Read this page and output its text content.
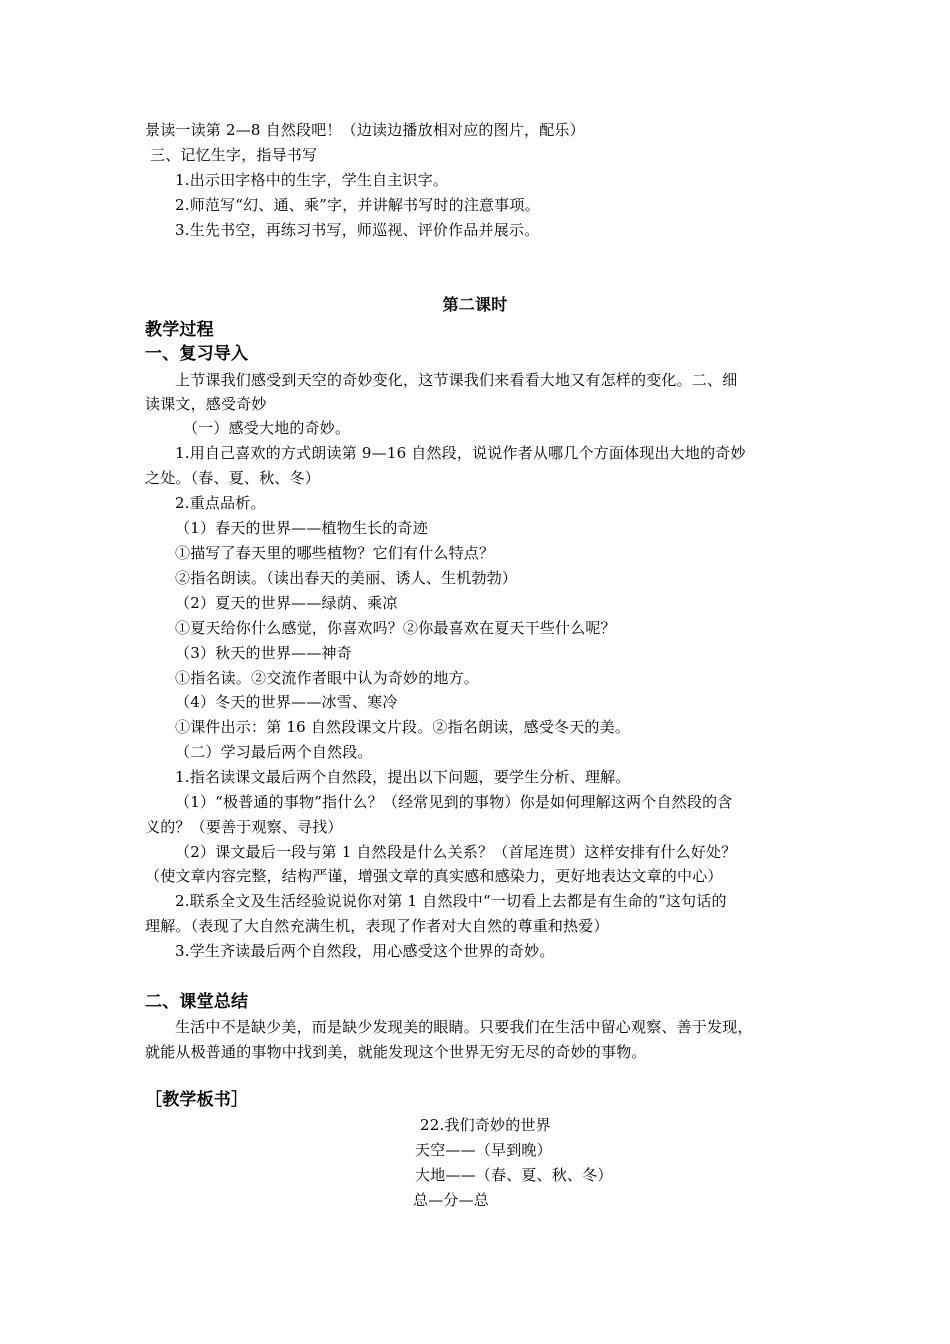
景读一读第 2—8 自然段吧！（边读边播放相对应的图片，配乐）
三、记忆生字，指导书写
1.出示田字格中的生字，学生自主识字。
2.师范写“幻、通、乘”字，并讲解书写时的注意事项。
3.生先书空，再练习书写，师巡视、评价作品并展示。
第二课时
教学过程
一、复习导入
上节课我们感受到天空的奇妙变化，这节课我们来看看大地又有怎样的变化。二、细
读课文，感受奇妙
（一）感受大地的奇妙。
1.用自己喜欢的方式朗读第 9—16 自然段，说说作者从哪几个方面体现出大地的奇妙
之处。（春、夏、秋、冬）
2.重点品析。
（1）春天的世界——植物生长的奇迹
①描写了春天里的哪些植物？它们有什么特点？
②指名朗读。（读出春天的美丽、诱人、生机勃勃）
（2）夏天的世界——绿荫、乘凉
①夏天给你什么感觉，你喜欢吗？②你最喜欢在夏天干些什么呢？
（3）秋天的世界——神奇
①指名读。②交流作者眼中认为奇妙的地方。
（4）冬天的世界——冰雪、寒冷
①课件出示：第 16 自然段课文片段。②指名朗读，感受冬天的美。
（二）学习最后两个自然段。
1.指名读课文最后两个自然段，提出以下问题，要学生分析、理解。
（1）“极普通的事物”指什么？（经常见到的事物）你是如何理解这两个自然段的含
义的？（要善于观察、寻找）
（2）课文最后一段与第 1 自然段是什么关系？（首尾连贯）这样安排有什么好处？
（使文章内容完整，结构严谨，增强文章的真实感和感染力，更好地表达文章的中心）
2.联系全文及生活经验说说你对第 1 自然段中“一切看上去都是有生命的”这句话的
理解。（表现了大自然充满生机，表现了作者对大自然的尊重和热爱）
3.学生齐读最后两个自然段，用心感受这个世界的奇妙。
二、课堂总结
生活中不是缺少美，而是缺少发现美的眼睛。只要我们在生活中留心观察、善于发现，
就能从极普通的事物中找到美，就能发现这个世界无穷无尽的奇妙的事物。
［教学板书］
22.我们奇妙的世界
天空——（早到晚）
大地——（春、夏、秋、冬）
总—分—总
